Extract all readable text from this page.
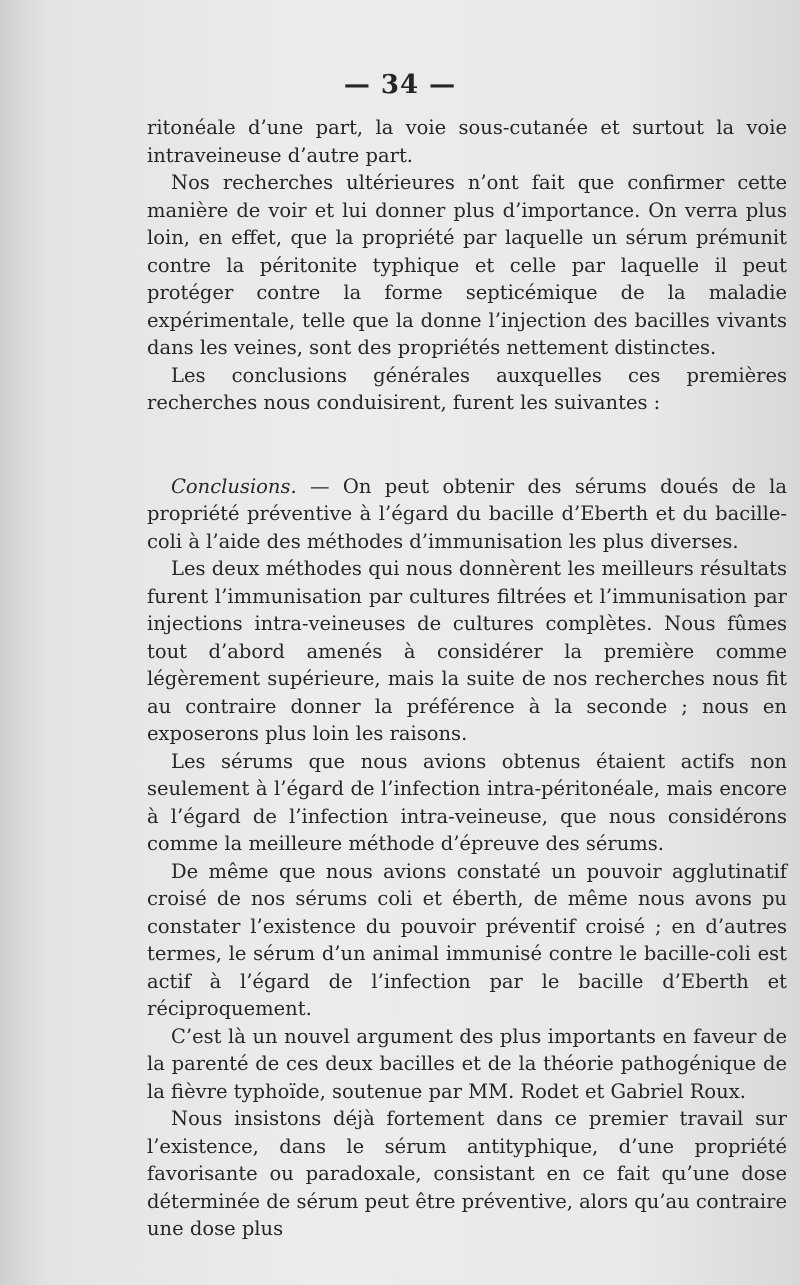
— 34 —

ritonéale d’une part, la voie sous-cutanée et surtout la voie intraveineuse d’autre part.

Nos recherches ultérieures n’ont fait que confirmer cette manière de voir et lui donner plus d’importance. On verra plus loin, en effet, que la propriété par laquelle un sérum prémunit contre la péritonite typhique et celle par laquelle il peut protéger contre la forme septicémique de la maladie expérimentale, telle que la donne l’injection des bacilles vivants dans les veines, sont des propriétés nettement distinctes.

Les conclusions générales auxquelles ces premières recherches nous conduisirent, furent les suivantes :

Conclusions. — On peut obtenir des sérums doués de la propriété préventive à l’égard du bacille d’Eberth et du bacille-coli à l’aide des méthodes d’immunisation les plus diverses.

Les deux méthodes qui nous donnèrent les meilleurs résultats furent l’immunisation par cultures filtrées et l’immunisation par injections intra-veineuses de cultures complètes. Nous fûmes tout d’abord amenés à considérer la première comme légèrement supérieure, mais la suite de nos recherches nous fit au contraire donner la préférence à la seconde ; nous en exposerons plus loin les raisons.

Les sérums que nous avions obtenus étaient actifs non seulement à l’égard de l’infection intra-péritonéale, mais encore à l’égard de l’infection intra-veineuse, que nous considérons comme la meilleure méthode d’épreuve des sérums.

De même que nous avions constaté un pouvoir agglutinatif croisé de nos sérums coli et éberth, de même nous avons pu constater l’existence du pouvoir préventif croisé ; en d’autres termes, le sérum d’un animal immunisé contre le bacille-coli est actif à l’égard de l’infection par le bacille d’Eberth et réciproquement.

C’est là un nouvel argument des plus importants en faveur de la parenté de ces deux bacilles et de la théorie pathogénique de la fièvre typhoïde, soutenue par MM. Rodet et Gabriel Roux.

Nous insistons déjà fortement dans ce premier travail sur l’existence, dans le sérum antityphique, d’une propriété favorisante ou paradoxale, consistant en ce fait qu’une dose déterminée de sérum peut être préventive, alors qu’au contraire une dose plus
